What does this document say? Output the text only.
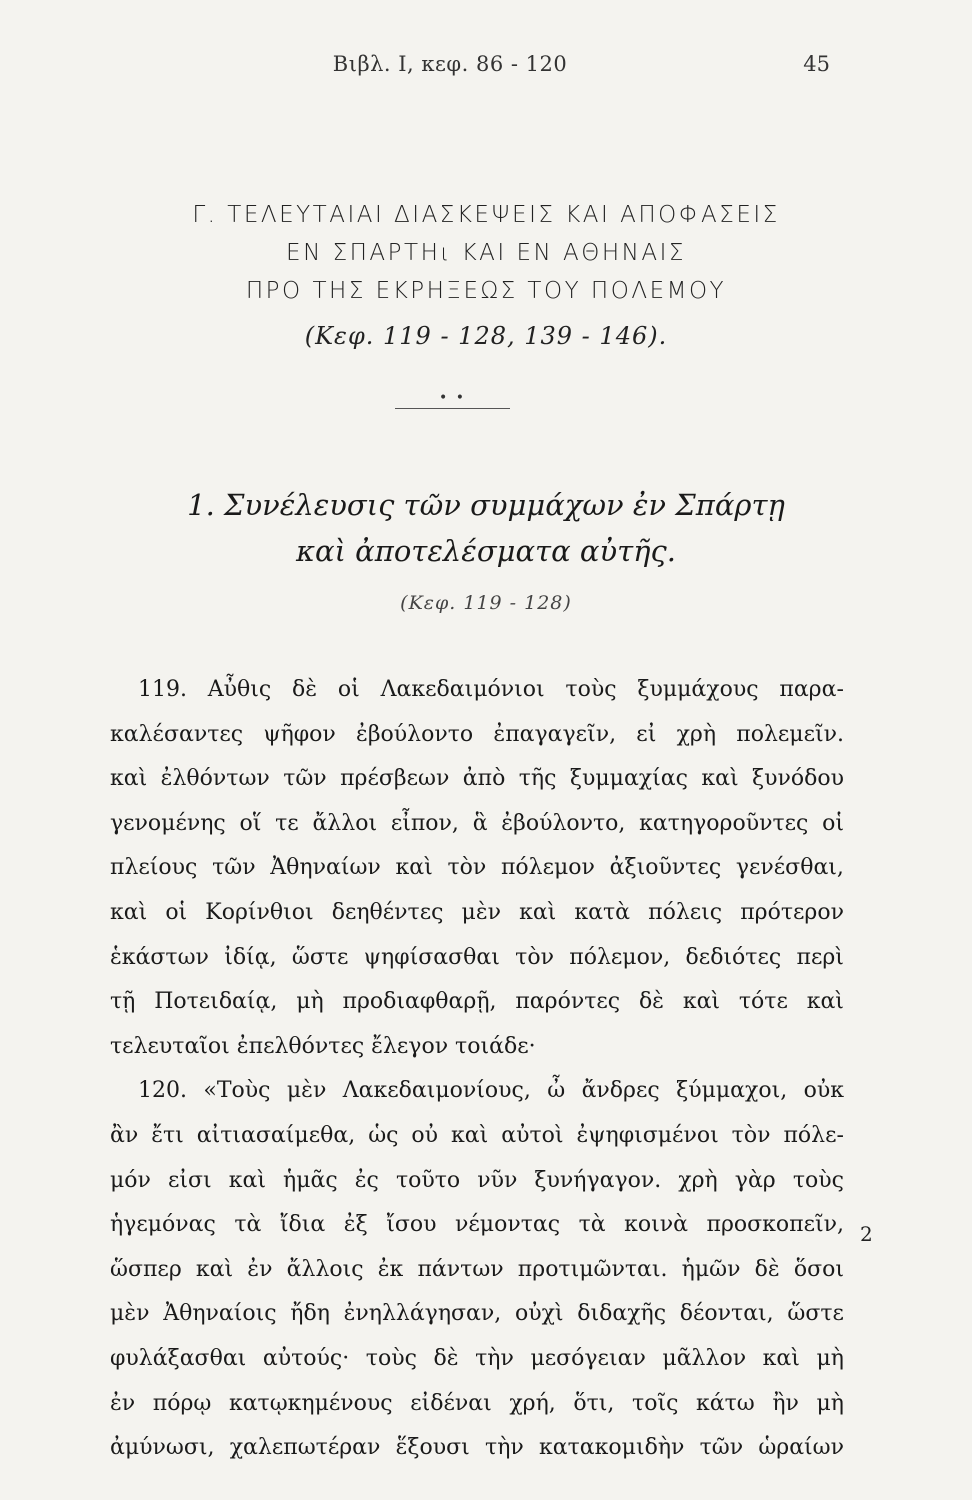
Βιβλ. Ι, κεφ. 86 - 120	45
Γ. ΤΕΛΕΥΤΑΙΑΙ ΔΙΑΣΚΕΨΕΙΣ ΚΑΙ ΑΠΟΦΑΣΕΙΣ
ΕΝ ΣΠΑΡΤΗι ΚΑΙ ΕΝ ΑΘΗΝΑΙΣ
ΠΡΟ ΤΗΣ ΕΚΡΗΞΕΩΣ ΤΟΥ ΠΟΛΕΜΟΥ
(Κεφ. 119 - 128, 139 - 146).
• •
1. Συνέλευσις τῶν συμμάχων ἐν Σπάρτῃ
καὶ ἀποτελέσματα αὐτῆς.
(Κεφ. 119 - 128)
119. Αὖθις δὲ οἱ Λακεδαιμόνιοι τοὺς ξυμμάχους παρα-
καλέσαντες ψῆφον ἐβούλοντο ἐπαγαγεῖν, εἰ χρὴ πολεμεῖν.
καὶ ἐλθόντων τῶν πρέσβεων ἀπὸ τῆς ξυμμαχίας καὶ ξυνόδου
γενομένης οἵ τε ἄλλοι εἶπον, ἃ ἐβούλοντο, κατηγοροῦντες οἱ
πλείους τῶν Ἀθηναίων καὶ τὸν πόλεμον ἀξιοῦντες γενέσθαι,
καὶ οἱ Κορίνθιοι δεηθέντες μὲν καὶ κατὰ πόλεις πρότερον
ἑκάστων ἰδίᾳ, ὥστε ψηφίσασθαι τὸν πόλεμον, δεδιότες περὶ
τῇ Ποτειδαίᾳ, μὴ προδιαφθαρῇ, παρόντες δὲ καὶ τότε καὶ
τελευταῖοι ἐπελθόντες ἔλεγον τοιάδε·
120. «Τοὺς μὲν Λακεδαιμονίους, ὦ ἄνδρες ξύμμαχοι, οὐκ
ἂν ἔτι αἰτιασαίμεθα, ὡς οὐ καὶ αὐτοὶ ἐψηφισμένοι τὸν πόλε-
μόν εἰσι καὶ ἡμᾶς ἐς τοῦτο νῦν ξυνήγαγον. χρὴ γὰρ τοὺς
ἡγεμόνας τὰ ἴδια ἐξ ἴσου νέμοντας τὰ κοινὰ προσκοπεῖν,
ὥσπερ καὶ ἐν ἄλλοις ἐκ πάντων προτιμῶνται. ἡμῶν δὲ ὅσοι
μὲν Ἀθηναίοις ἤδη ἐνηλλάγησαν, οὐχὶ διδαχῆς δέονται, ὥστε
φυλάξασθαι αὐτούς· τοὺς δὲ τὴν μεσόγειαν μᾶλλον καὶ μὴ
ἐν πόρῳ κατῳκημένους εἰδέναι χρή, ὅτι, τοῖς κάτω ἢν μὴ
ἀμύνωσι, χαλεπωτέραν ἕξουσι τὴν κατακομιδὴν τῶν ὡραίων
2
